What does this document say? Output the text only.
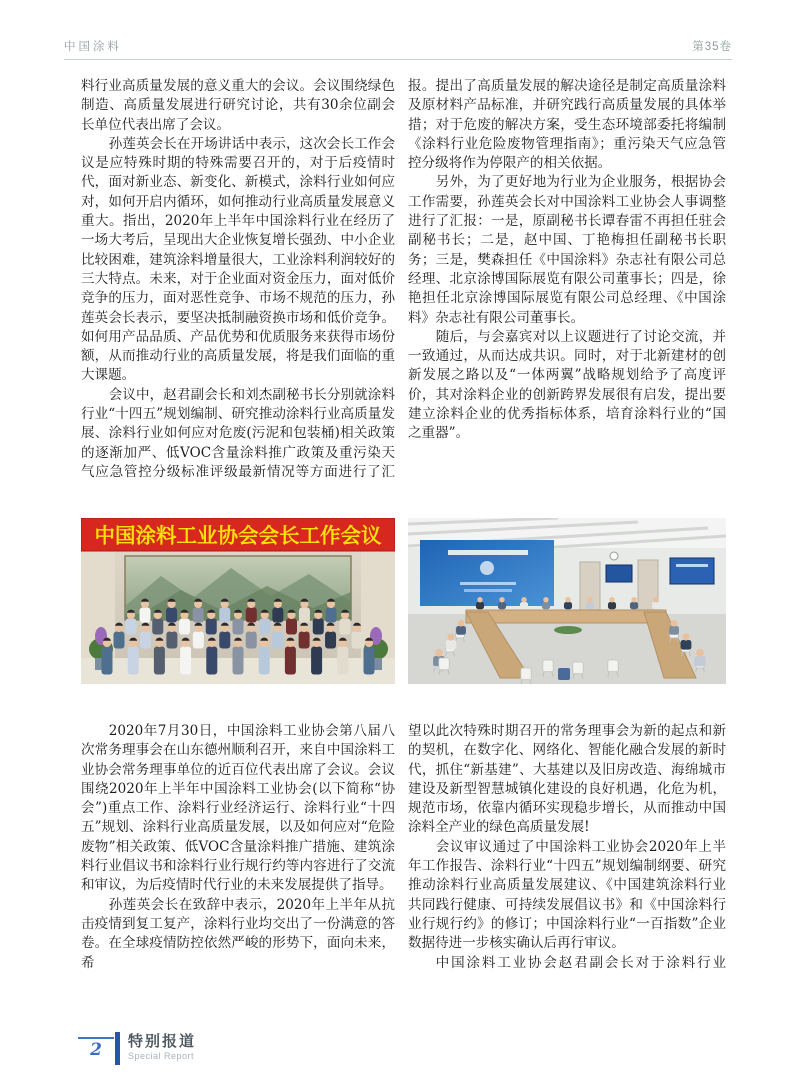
中国涂料	第35卷

料行业高质量发展的意义重大的会议。会议围绕绿色制造、高质量发展进行研究讨论，共有30余位副会长单位代表出席了会议。

孙莲英会长在开场讲话中表示，这次会长工作会议是应特殊时期的特殊需要召开的，对于后疫情时代，面对新业态、新变化、新模式，涂料行业如何应对，如何开启内循环，如何推动行业高质量发展意义重大。指出，2020年上半年中国涂料行业在经历了一场大考后，呈现出大企业恢复增长强劲、中小企业比较困难，建筑涂料增量很大，工业涂料利润较好的三大特点。未来，对于企业面对资金压力，面对低价竞争的压力，面对恶性竞争、市场不规范的压力，孙莲英会长表示，要坚决抵制融资换市场和低价竞争。如何用产品品质、产品优势和优质服务来获得市场份额，从而推动行业的高质量发展，将是我们面临的重大课题。

会议中，赵君副会长和刘杰副秘书长分别就涂料行业“十四五”规划编制、研究推动涂料行业高质量发展、涂料行业如何应对危废(污泥和包装桶)相关政策的逐渐加严、低VOC含量涂料推广政策及重污染天气应急管控分级标准评级最新情况等方面进行了汇

报。提出了高质量发展的解决途径是制定高质量涂料及原材料产品标准，并研究践行高质量发展的具体举措；对于危废的解决方案，受生态环境部委托将编制《涂料行业危险废物管理指南》；重污染天气应急管控分级将作为停限产的相关依据。

另外，为了更好地为行业为企业服务，根据协会工作需要，孙莲英会长对中国涂料工业协会人事调整进行了汇报：一是，原副秘书长谭春雷不再担任驻会副秘书长；二是，赵中国、丁艳梅担任副秘书长职务；三是，樊森担任《中国涂料》杂志社有限公司总经理、北京涂博国际展览有限公司董事长；四是，徐艳担任北京涂博国际展览有限公司总经理、《中国涂料》杂志社有限公司董事长。

随后，与会嘉宾对以上议题进行了讨论交流，并一致通过，从而达成共识。同时，对于北新建材的创新发展之路以及“一体两翼”战略规划给予了高度评价，其对涂料企业的创新跨界发展很有启发，提出要建立涂料企业的优秀指标体系，培育涂料行业的“国之重器”。

中国涂料工业协会会长工作会议

2020年7月30日，中国涂料工业协会第八届八次常务理事会在山东德州顺利召开，来自中国涂料工业协会常务理事单位的近百位代表出席了会议。会议围绕2020年上半年中国涂料工业协会(以下简称“协会”)重点工作、涂料行业经济运行、涂料行业“十四五”规划、涂料行业高质量发展，以及如何应对“危险废物”相关政策、低VOC含量涂料推广措施、建筑涂料行业倡议书和涂料行业行规行约等内容进行了交流和审议，为后疫情时代行业的未来发展提供了指导。

孙莲英会长在致辞中表示，2020年上半年从抗击疫情到复工复产，涂料行业均交出了一份满意的答卷。在全球疫情防控依然严峻的形势下，面向未来，希

望以此次特殊时期召开的常务理事会为新的起点和新的契机，在数字化、网络化、智能化融合发展的新时代，抓住“新基建”、大基建以及旧房改造、海绵城市建设及新型智慧城镇化建设的良好机遇，化危为机，规范市场，依靠内循环实现稳步增长，从而推动中国涂料全产业的绿色高质量发展!

会议审议通过了中国涂料工业协会2020年上半年工作报告、涂料行业“十四五”规划编制纲要、研究推动涂料行业高质量发展建议、《中国建筑涂料行业共同践行健康、可持续发展倡议书》和《中国涂料行业行规行约》的修订；中国涂料行业“一百指数”企业数据待进一步核实确认后再行审议。

中国涂料工业协会赵君副会长对于涂料行业

2	特别报道
Special Report
